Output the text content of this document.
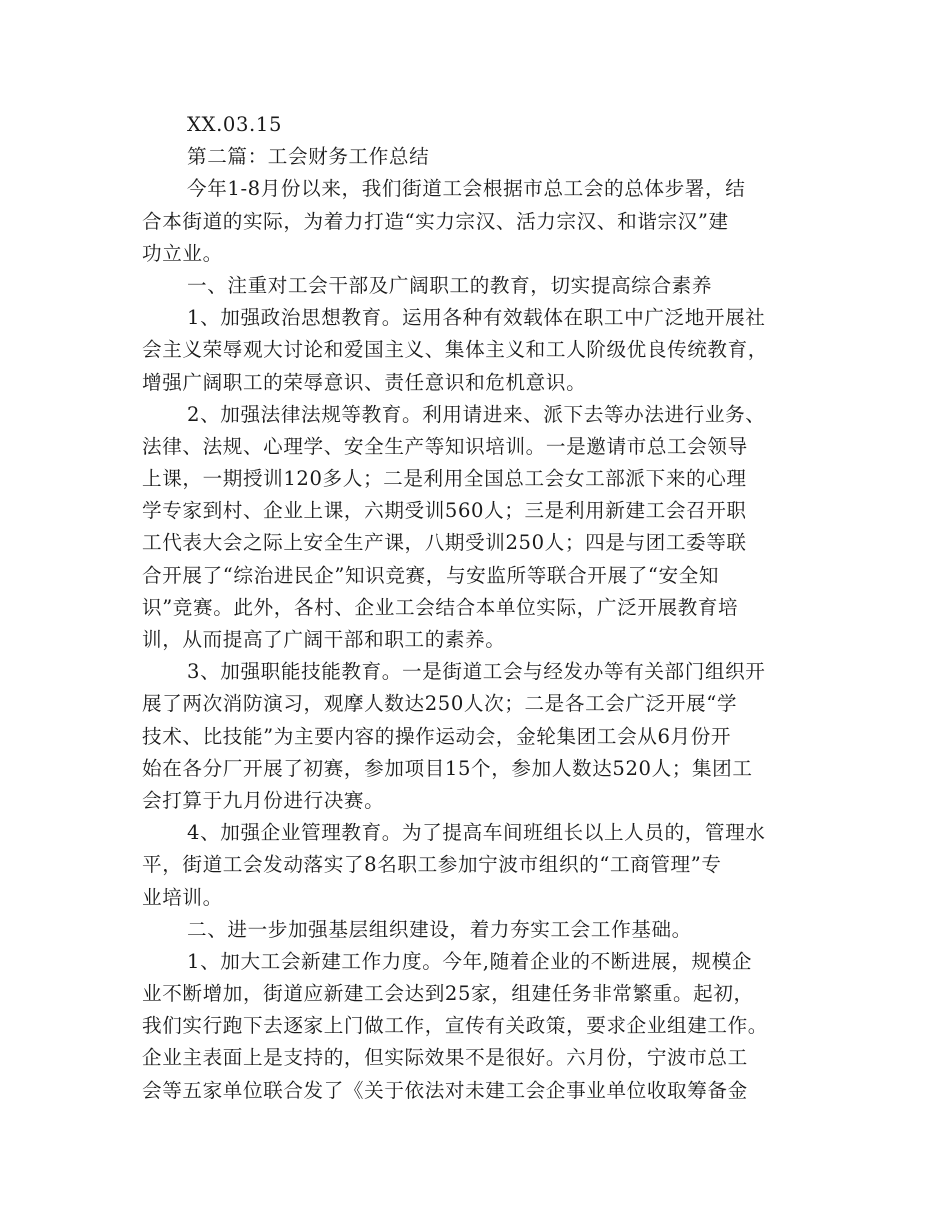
XX.03.15
第二篇：工会财务工作总结
今年1-8月份以来，我们街道工会根据市总工会的总体步署，结
合本街道的实际，为着力打造“实力宗汉、活力宗汉、和谐宗汉”建
功立业。
一、注重对工会干部及广阔职工的教育，切实提高综合素养
1、加强政治思想教育。运用各种有效载体在职工中广泛地开展社
会主义荣辱观大讨论和爱国主义、集体主义和工人阶级优良传统教育，
增强广阔职工的荣辱意识、责任意识和危机意识。
2、加强法律法规等教育。利用请进来、派下去等办法进行业务、
法律、法规、心理学、安全生产等知识培训。一是邀请市总工会领导
上课，一期授训120多人；二是利用全国总工会女工部派下来的心理
学专家到村、企业上课，六期受训560人；三是利用新建工会召开职
工代表大会之际上安全生产课，八期受训250人；四是与团工委等联
合开展了“综治进民企”知识竞赛，与安监所等联合开展了“安全知
识”竞赛。此外，各村、企业工会结合本单位实际，广泛开展教育培
训，从而提高了广阔干部和职工的素养。
3、加强职能技能教育。一是街道工会与经发办等有关部门组织开
展了两次消防演习，观摩人数达250人次；二是各工会广泛开展“学
技术、比技能”为主要内容的操作运动会，金轮集团工会从6月份开
始在各分厂开展了初赛，参加项目15个，参加人数达520人；集团工
会打算于九月份进行决赛。
4、加强企业管理教育。为了提高车间班组长以上人员的，管理水
平，街道工会发动落实了8名职工参加宁波市组织的“工商管理”专
业培训。
二、进一步加强基层组织建设，着力夯实工会工作基础。
1、加大工会新建工作力度。今年,随着企业的不断进展，规模企
业不断增加，街道应新建工会达到25家，组建任务非常繁重。起初，
我们实行跑下去逐家上门做工作，宣传有关政策，要求企业组建工作。
企业主表面上是支持的，但实际效果不是很好。六月份，宁波市总工
会等五家单位联合发了《关于依法对未建工会企事业单位收取筹备金
